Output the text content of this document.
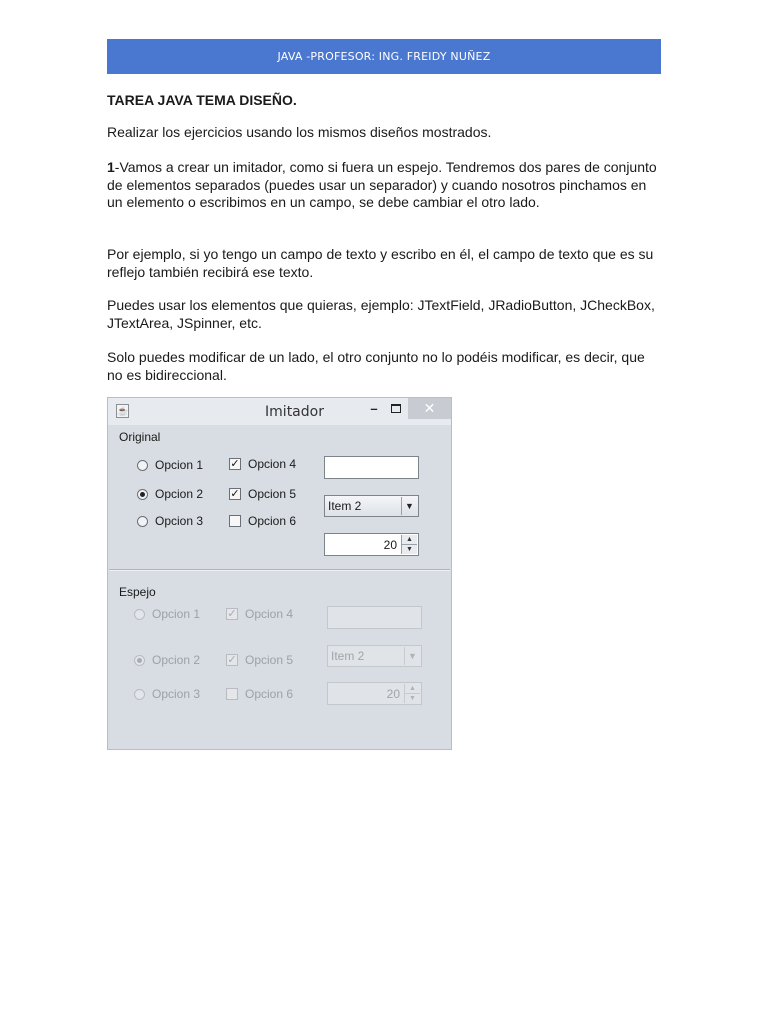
JAVA -PROFESOR: ING. FREIDY NUÑEZ
TAREA JAVA TEMA DISEÑO.
Realizar los ejercicios usando los mismos diseños mostrados.
1-Vamos a crear un imitador, como si fuera un espejo. Tendremos dos pares de conjunto de elementos separados (puedes usar un separador) y cuando nosotros pinchamos en un elemento o escribimos en un campo, se debe cambiar el otro lado.
Por ejemplo, si yo tengo un campo de texto y escribo en él, el campo de texto que es su reflejo también recibirá ese texto.
Puedes usar los elementos que quieras, ejemplo: JTextField, JRadioButton, JCheckBox, JTextArea, JSpinner, etc.
Solo puedes modificar de un lado, el otro conjunto no lo podéis modificar, es decir, que no es bidireccional.
☕	Imitador	–	✕
Original
Opcion 1
Opcion 2
Opcion 3
✓ Opcion 4
✓ Opcion 5
Opcion 6
Item 2	▼
20	▲
▼
Espejo
Opcion 1
Opcion 2
Opcion 3
✓ Opcion 4
✓ Opcion 5
Opcion 6
Item 2	▼
20	▲
▼
